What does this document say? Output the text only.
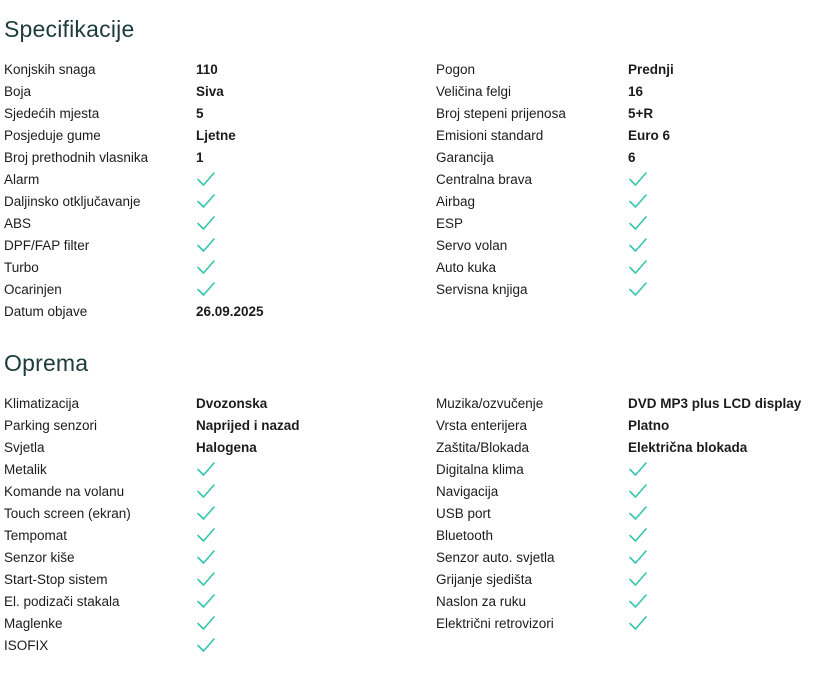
Specifikacije
Konjskih snaga	110
Boja	Siva
Sjedećih mjesta	5
Posjeduje gume	Ljetne
Broj prethodnih vlasnika	1
Alarm
Daljinsko otključavanje
ABS
DPF/FAP filter
Turbo
Ocarinjen
Datum objave	26.09.2025
Pogon	Prednji
Veličina felgi	16
Broj stepeni prijenosa	5+R
Emisioni standard	Euro 6
Garancija	6
Centralna brava
Airbag
ESP
Servo volan
Auto kuka
Servisna knjiga
Oprema
Klimatizacija	Dvozonska
Parking senzori	Naprijed i nazad
Svjetla	Halogena
Metalik
Komande na volanu
Touch screen (ekran)
Tempomat
Senzor kiše
Start-Stop sistem
El. podizači stakala
Maglenke
ISOFIX
Muzika/ozvučenje	DVD MP3 plus LCD display
Vrsta enterijera	Platno
Zaštita/Blokada	Električna blokada
Digitalna klima
Navigacija
USB port
Bluetooth
Senzor auto. svjetla
Grijanje sjedišta
Naslon za ruku
Električni retrovizori
